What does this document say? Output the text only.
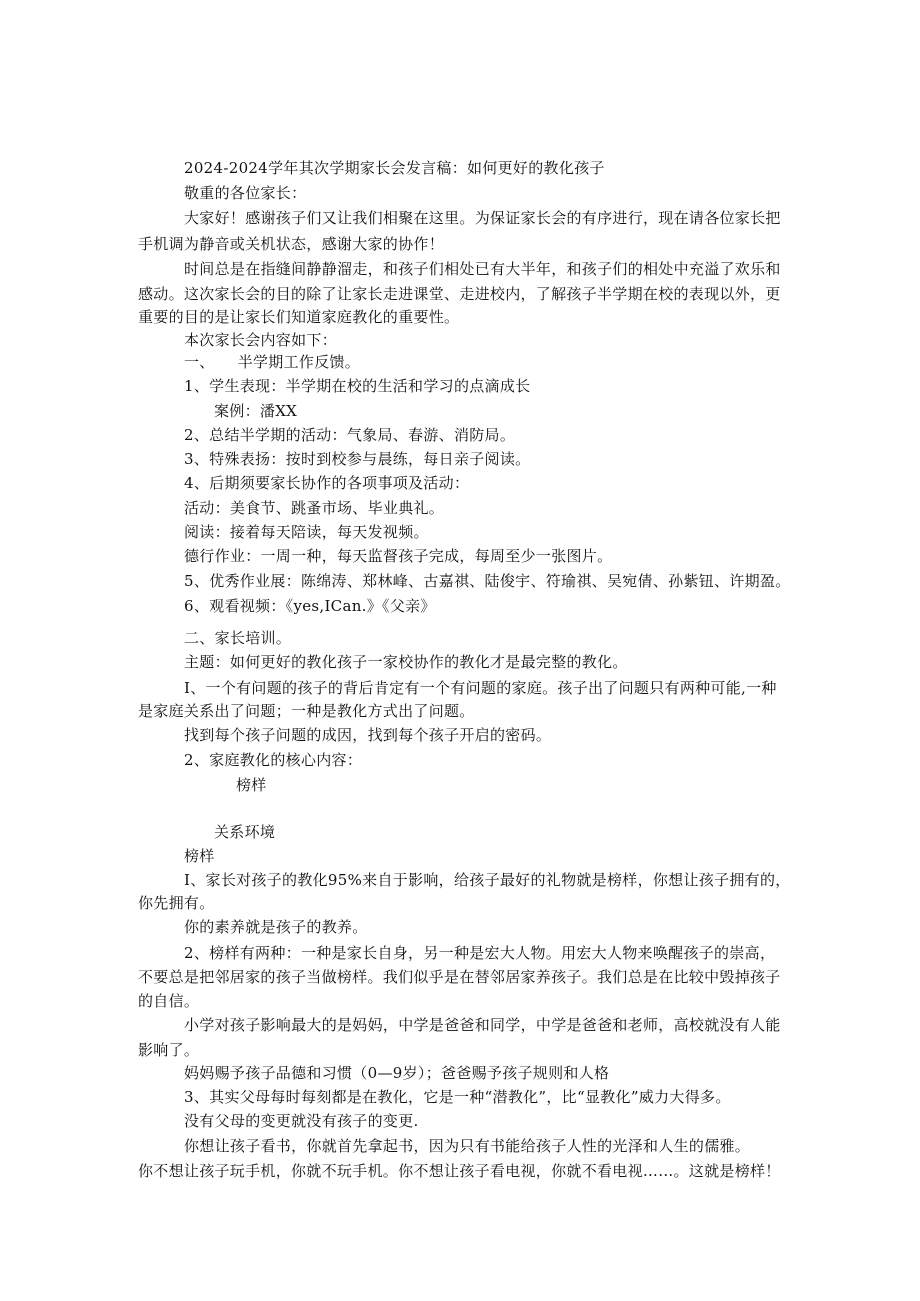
2024-2024学年其次学期家长会发言稿：如何更好的教化孩子
敬重的各位家长：
大家好！感谢孩子们又让我们相聚在这里。为保证家长会的有序进行，现在请各位家长把
手机调为静音或关机状态，感谢大家的协作！
时间总是在指缝间静静溜走，和孩子们相处已有大半年，和孩子们的相处中充溢了欢乐和
感动。这次家长会的目的除了让家长走进课堂、走进校内，了解孩子半学期在校的表现以外，更
重要的目的是让家长们知道家庭教化的重要性。
本次家长会内容如下：
一、　　半学期工作反馈。
1、学生表现：半学期在校的生活和学习的点滴成长
案例：潘XX
2、总结半学期的活动：气象局、春游、消防局。
3、特殊表扬：按时到校参与晨练，每日亲子阅读。
4、后期须要家长协作的各项事项及活动：
活动：美食节、跳蚤市场、毕业典礼。
阅读：接着每天陪读，每天发视频。
德行作业：一周一种，每天监督孩子完成，每周至少一张图片。
5、优秀作业展：陈绵涛、郑林峰、古嘉祺、陆俊宇、符瑜祺、吴宛倩、孙紫钮、许期盈。
6、观看视频：《yes,ICan.》《父亲》
二、家长培训。
主题：如何更好的教化孩子一家校协作的教化才是最完整的教化。
I、一个有问题的孩子的背后肯定有一个有问题的家庭。孩子出了问题只有两种可能,一种
是家庭关系出了问题；一种是教化方式出了问题。
找到每个孩子问题的成因，找到每个孩子开启的密码。
2、家庭教化的核心内容：
榜样
关系环境
榜样
I、家长对孩子的教化95%来自于影响，给孩子最好的礼物就是榜样，你想让孩子拥有的，
你先拥有。
你的素养就是孩子的教养。
2、榜样有两种：一种是家长自身，另一种是宏大人物。用宏大人物来唤醒孩子的崇高，
不要总是把邻居家的孩子当做榜样。我们似乎是在替邻居家养孩子。我们总是在比较中毁掉孩子
的自信。
小学对孩子影响最大的是妈妈，中学是爸爸和同学，中学是爸爸和老师，高校就没有人能
影响了。
妈妈赐予孩子品德和习惯（0—9岁）；爸爸赐予孩子规则和人格
3、其实父母每时每刻都是在教化，它是一种“潜教化”，比“显教化”威力大得多。
没有父母的变更就没有孩子的变更.
你想让孩子看书，你就首先拿起书，因为只有书能给孩子人性的光泽和人生的儒雅。
你不想让孩子玩手机，你就不玩手机。你不想让孩子看电视，你就不看电视……。这就是榜样！
